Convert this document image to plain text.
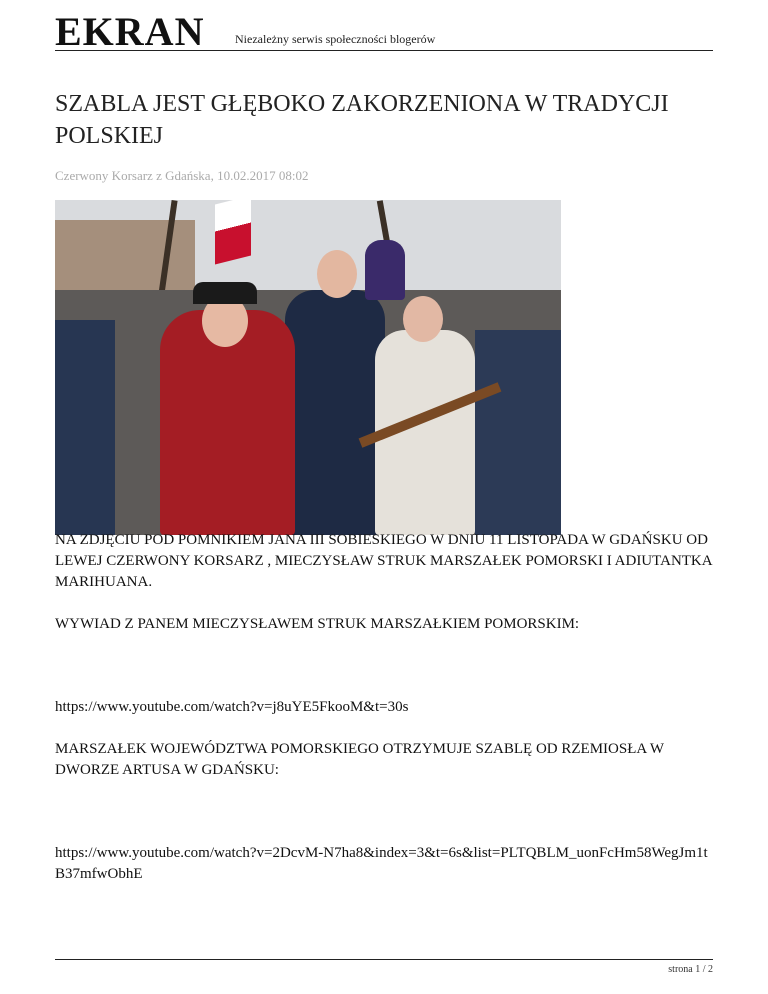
EKRAN	Niezależny serwis społeczności blogerów
SZABLA JEST GŁĘBOKO ZAKORZENIONA W TRADYCJI POLSKIEJ
Czerwony Korsarz z Gdańska, 10.02.2017 08:02

NA ZDJĘCIU POD POMNIKIEM JANA III SOBIESKIEGO W DNIU 11 LISTOPADA W GDAŃSKU OD LEWEJ CZERWONY KORSARZ , MIECZYSŁAW STRUK MARSZAŁEK POMORSKI I ADIUTANTKA MARIHUANA.

WYWIAD Z PANEM MIECZYSŁAWEM STRUK MARSZAŁKIEM POMORSKIM:

https://www.youtube.com/watch?v=j8uYE5FkooM&t=30s

MARSZAŁEK WOJEWÓDZTWA POMORSKIEGO OTRZYMUJE SZABLĘ OD RZEMIOSŁA W DWORZE ARTUSA W GDAŃSKU:

https://www.youtube.com/watch?v=2DcvM-N7ha8&index=3&t=6s&list=PLTQBLM_uonFcHm58WegJm1tB37mfwObhE

strona 1 / 2
